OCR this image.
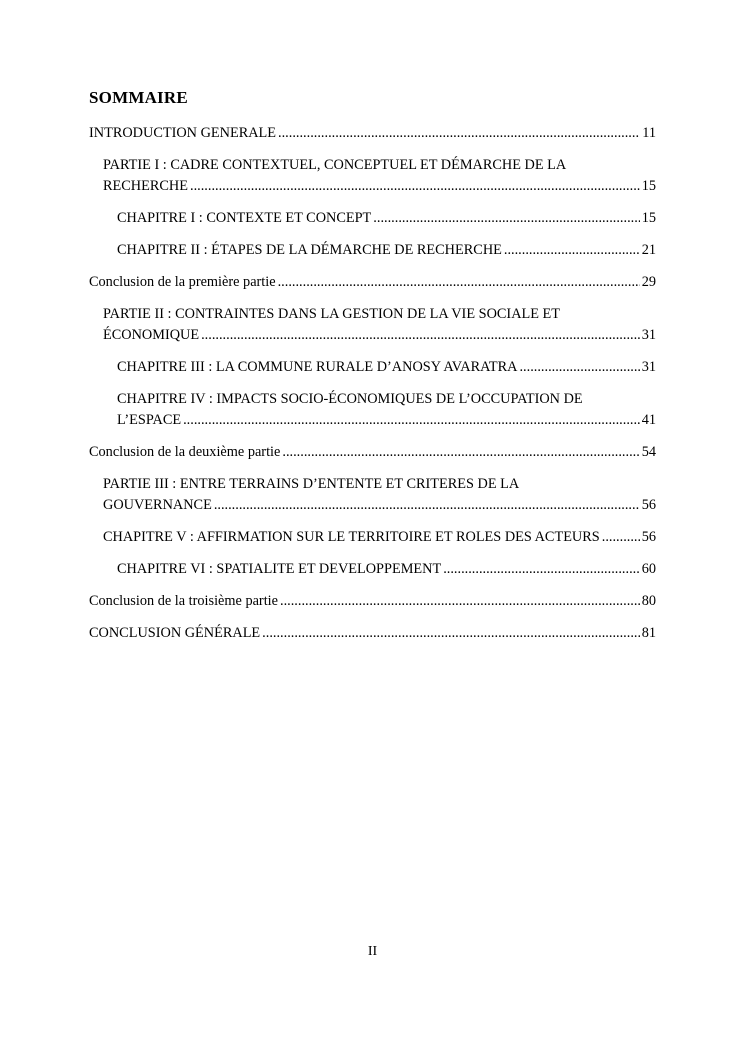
SOMMAIRE
INTRODUCTION GENERALE .....	11
PARTIE I : CADRE CONTEXTUEL, CONCEPTUEL ET DÉMARCHE DE LA
RECHERCHE .....	15
CHAPITRE I : CONTEXTE ET CONCEPT .....	15
CHAPITRE II : ÉTAPES DE LA DÉMARCHE DE RECHERCHE .....	21
Conclusion de la première partie .....	29
PARTIE II : CONTRAINTES DANS LA GESTION DE LA VIE SOCIALE ET
ÉCONOMIQUE .....	31
CHAPITRE III : LA COMMUNE RURALE D’ANOSY AVARATRA .....	31
CHAPITRE IV : IMPACTS SOCIO-ÉCONOMIQUES DE L’OCCUPATION DE
L’ESPACE .....	41
Conclusion de la deuxième partie .....	54
PARTIE III : ENTRE TERRAINS D’ENTENTE ET CRITERES DE LA
GOUVERNANCE .....	56
CHAPITRE V : AFFIRMATION SUR LE TERRITOIRE ET ROLES DES ACTEURS .....	56
CHAPITRE VI : SPATIALITE ET DEVELOPPEMENT .....	60
Conclusion de la troisième partie .....	80
CONCLUSION GÉNÉRALE .....	81
II
